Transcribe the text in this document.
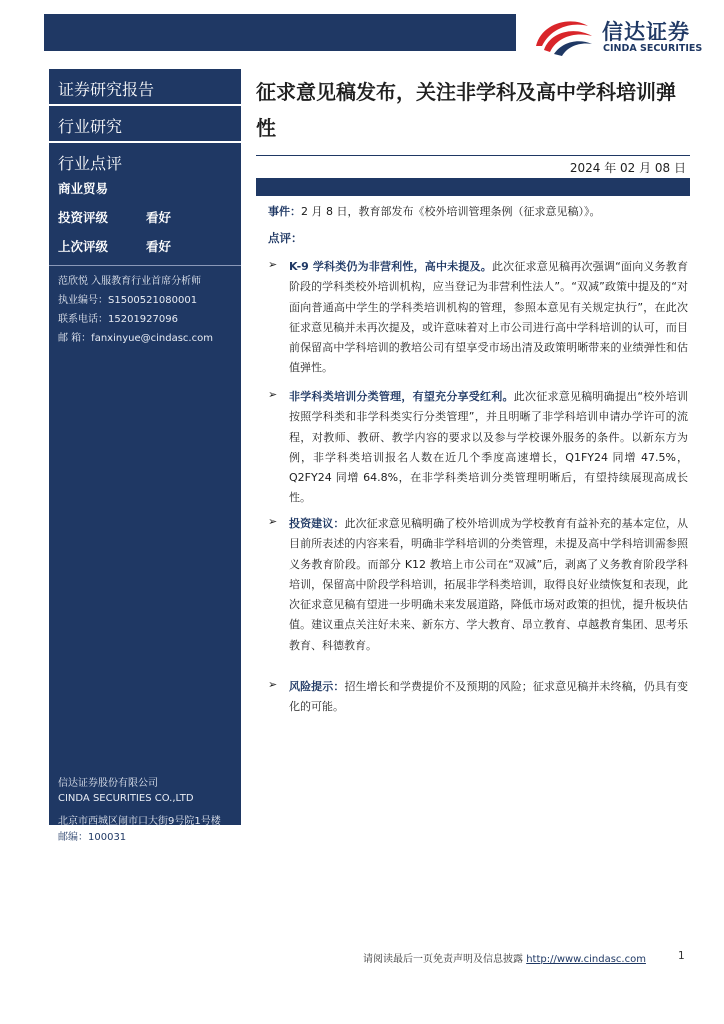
信达证券
CINDA SECURITIES
证券研究报告
行业研究
行业点评
商业贸易
投资评级	看好
上次评级	看好
范欣悦 入服教育行业首席分析师
执业编号：S1500521080001
联系电话：15201927096
邮 箱：fanxinyue@cindasc.com
信达证券股份有限公司
CINDA SECURITIES CO.,LTD
北京市西城区闹市口大街9号院1号楼
邮编：100031
征求意见稿发布，关注非学科及高中学科培训弹性
2024 年 02 月 08 日
事件：2 月 8 日，教育部发布《校外培训管理条例（征求意见稿）》。
点评：
➢ K-9 学科类仍为非营利性，高中未提及。此次征求意见稿再次强调“面向义务教育阶段的学科类校外培训机构，应当登记为非营利性法人”。“双减”政策中提及的“对面向普通高中学生的学科类培训机构的管理，参照本意见有关规定执行”，在此次征求意见稿并未再次提及，或许意味着对上市公司进行高中学科培训的认可，而目前保留高中学科培训的教培公司有望享受市场出清及政策明晰带来的业绩弹性和估值弹性。
➢ 非学科类培训分类管理，有望充分享受红利。此次征求意见稿明确提出“校外培训按照学科类和非学科类实行分类管理”，并且明晰了非学科培训申请办学许可的流程，对教师、教研、教学内容的要求以及参与学校课外服务的条件。以新东方为例，非学科类培训报名人数在近几个季度高速增长，Q1FY24 同增 47.5%，Q2FY24 同增 64.8%，在非学科类培训分类管理明晰后，有望持续展现高成长性。
➢ 投资建议：此次征求意见稿明确了校外培训成为学校教育有益补充的基本定位，从目前所表述的内容来看，明确非学科培训的分类管理，未提及高中学科培训需参照义务教育阶段。而部分 K12 教培上市公司在“双减”后，剥离了义务教育阶段学科培训，保留高中阶段学科培训，拓展非学科类培训，取得良好业绩恢复和表现，此次征求意见稿有望进一步明确未来发展道路，降低市场对政策的担忧，提升板块估值。建议重点关注好未来、新东方、学大教育、昂立教育、卓越教育集团、思考乐教育、科德教育。
➢ 风险提示：招生增长和学费提价不及预期的风险；征求意见稿并未终稿，仍具有变化的可能。
请阅读最后一页免责声明及信息披露 http://www.cindasc.com	1
